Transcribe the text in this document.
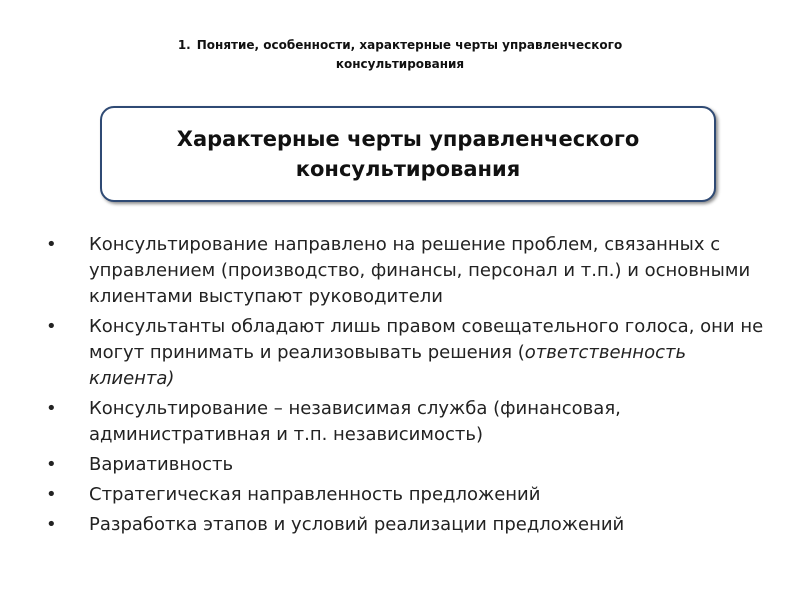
1. Понятие, особенности, характерные черты управленческого
консультирования
Характерные черты управленческого
консультирования
•	Консультирование направлено на решение проблем, связанных с управлением (производство, финансы, персонал и т.п.) и основными клиентами выступают руководители
•	Консультанты обладают лишь правом совещательного голоса, они не могут принимать и реализовывать решения (ответственность клиента)
•	Консультирование – независимая служба (финансовая, административная и т.п. независимость)
•	Вариативность
•	Стратегическая направленность предложений
•	Разработка этапов и условий реализации предложений
